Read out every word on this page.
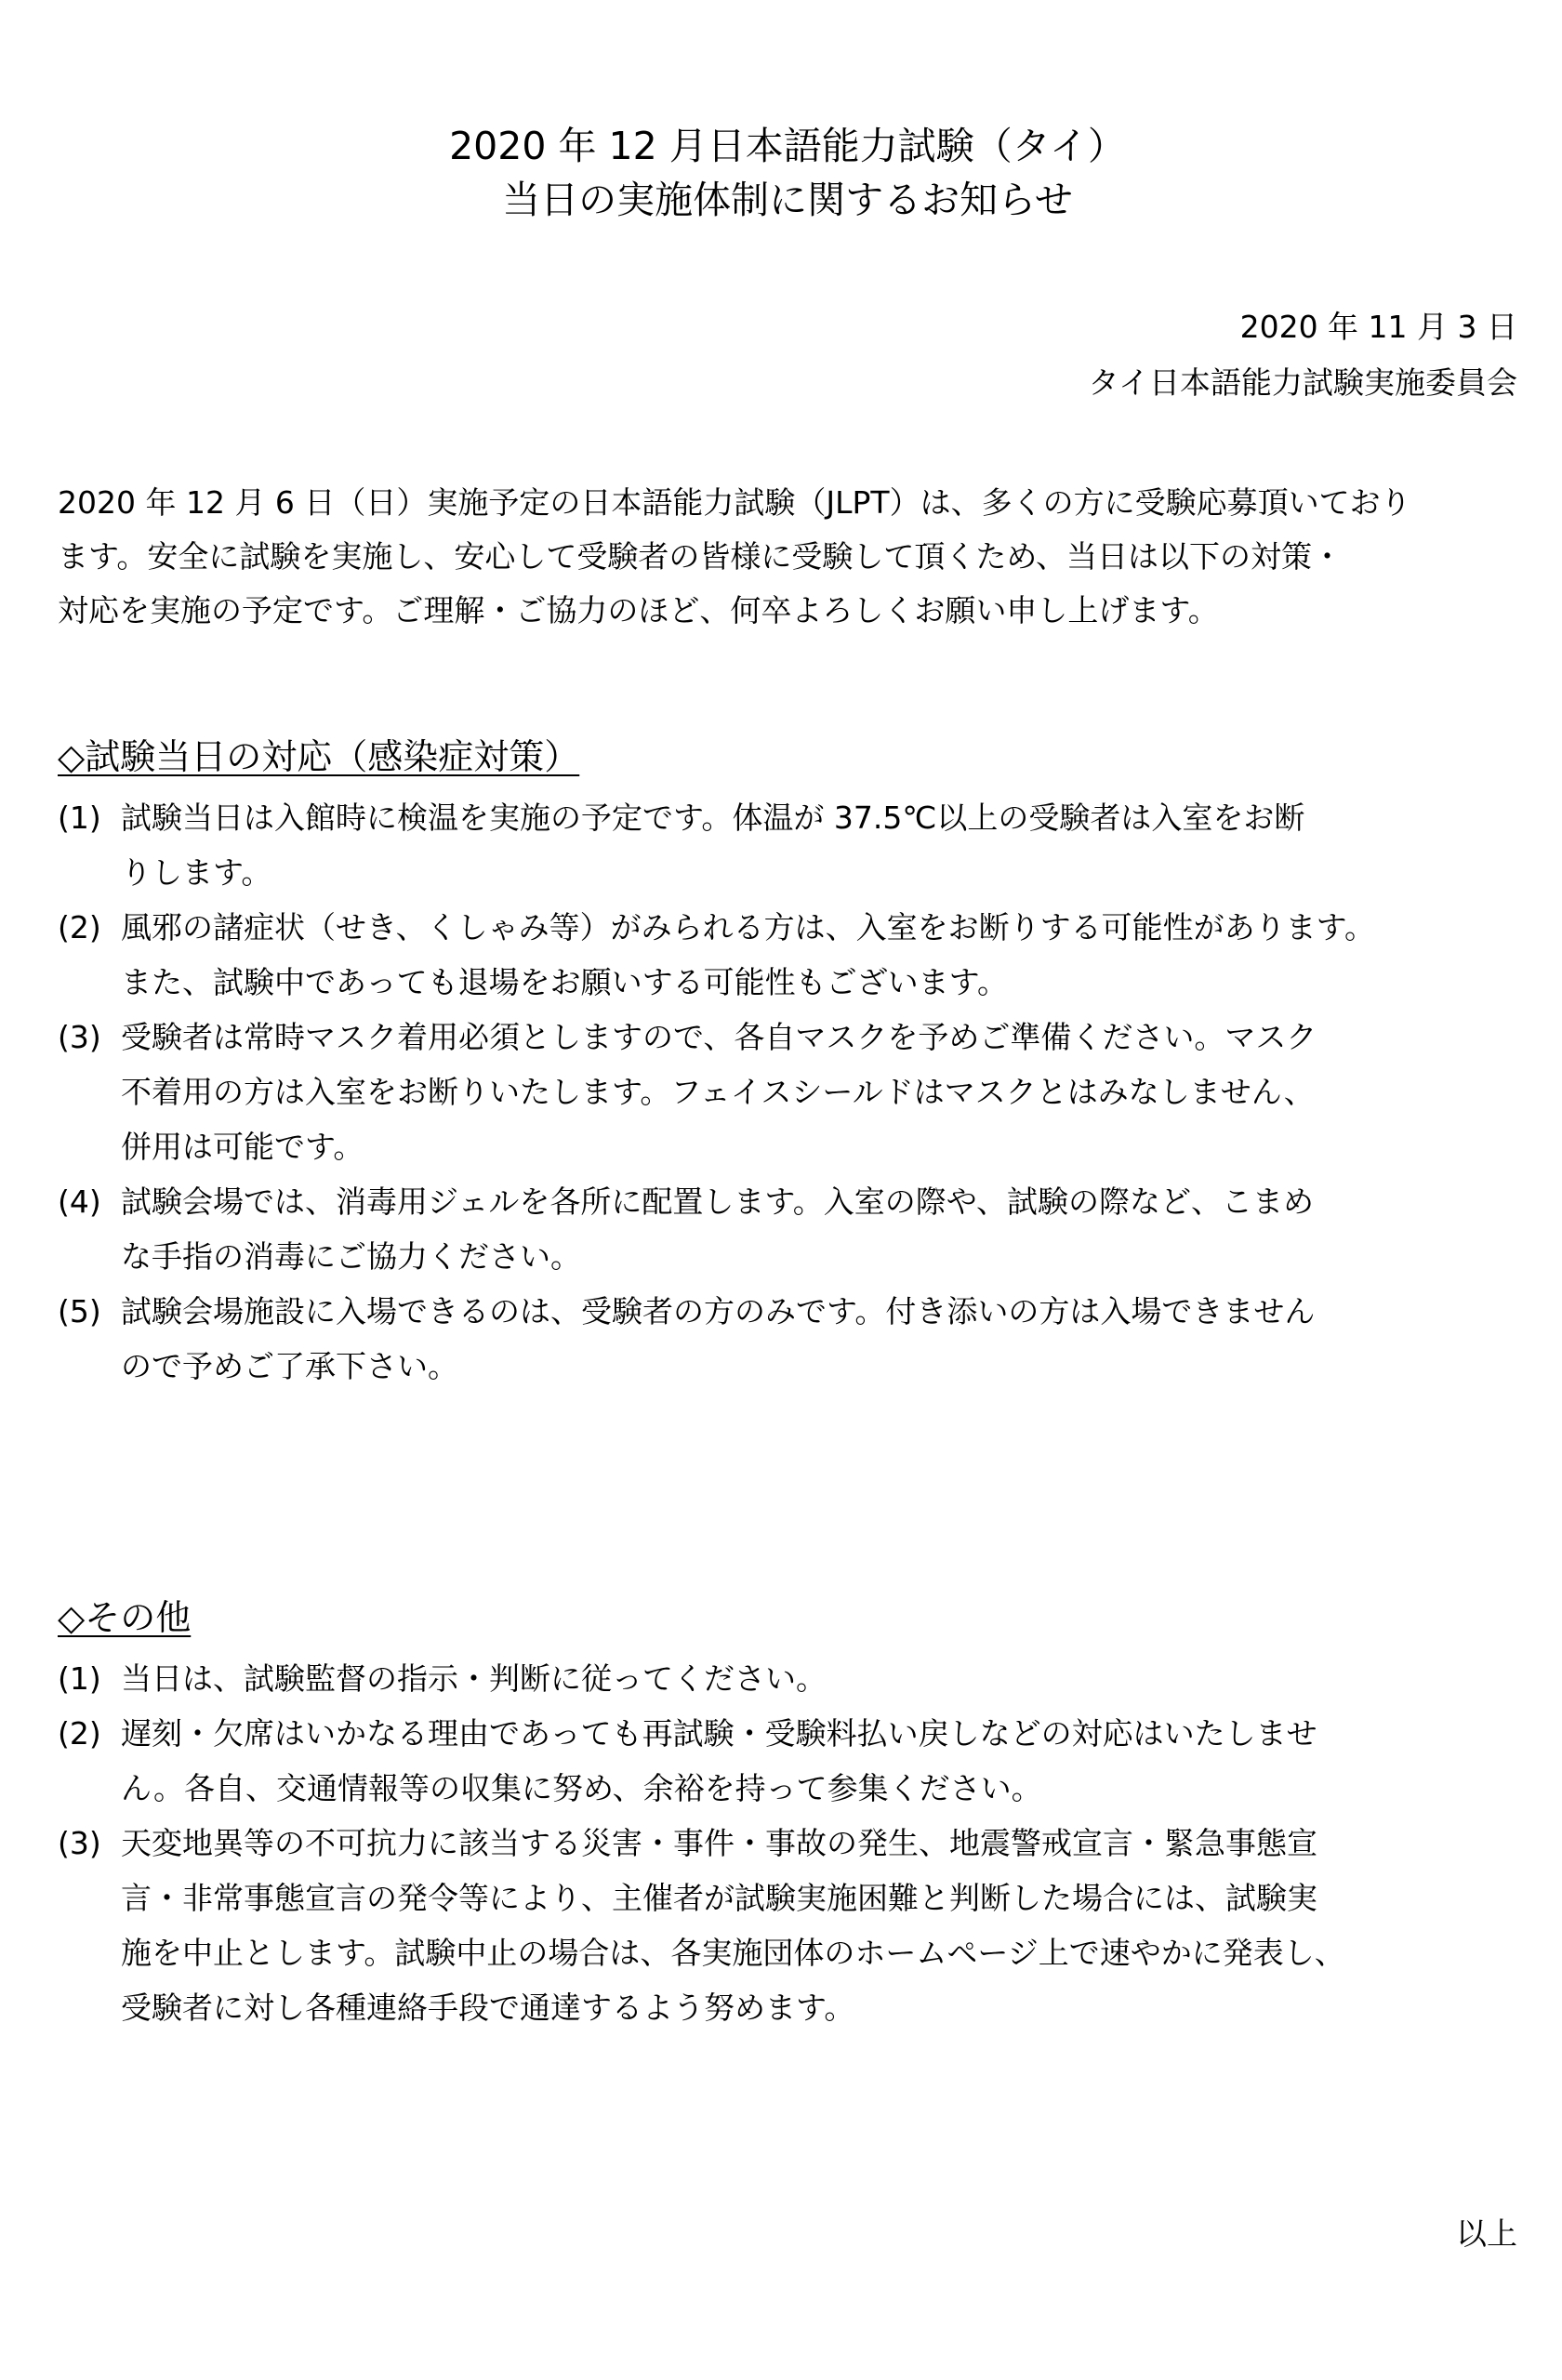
2020 年 12 月日本語能力試験（タイ）
当日の実施体制に関するお知らせ
2020 年 11 月 3 日
タイ日本語能力試験実施委員会
2020 年 12 月 6 日（日）実施予定の日本語能力試験（JLPT）は、多くの方に受験応募頂いており
ます。安全に試験を実施し、安心して受験者の皆様に受験して頂くため、当日は以下の対策・
対応を実施の予定です。ご理解・ご協力のほど、何卒よろしくお願い申し上げます。
◇試験当日の対応（感染症対策）
(1) 試験当日は入館時に検温を実施の予定です。体温が 37.5℃以上の受験者は入室をお断
りします。
(2) 風邪の諸症状（せき、くしゃみ等）がみられる方は、入室をお断りする可能性があります。
また、試験中であっても退場をお願いする可能性もございます。
(3) 受験者は常時マスク着用必須としますので、各自マスクを予めご準備ください。マスク
不着用の方は入室をお断りいたします。フェイスシールドはマスクとはみなしません、
併用は可能です。
(4) 試験会場では、消毒用ジェルを各所に配置します。入室の際や、試験の際など、こまめ
な手指の消毒にご協力ください。
(5) 試験会場施設に入場できるのは、受験者の方のみです。付き添いの方は入場できません
ので予めご了承下さい。
◇その他
(1) 当日は、試験監督の指示・判断に従ってください。
(2) 遅刻・欠席はいかなる理由であっても再試験・受験料払い戻しなどの対応はいたしませ
ん。各自、交通情報等の収集に努め、余裕を持って参集ください。
(3) 天変地異等の不可抗力に該当する災害・事件・事故の発生、地震警戒宣言・緊急事態宣
言・非常事態宣言の発令等により、主催者が試験実施困難と判断した場合には、試験実
施を中止とします。試験中止の場合は、各実施団体のホームページ上で速やかに発表し、
受験者に対し各種連絡手段で通達するよう努めます。
以上
